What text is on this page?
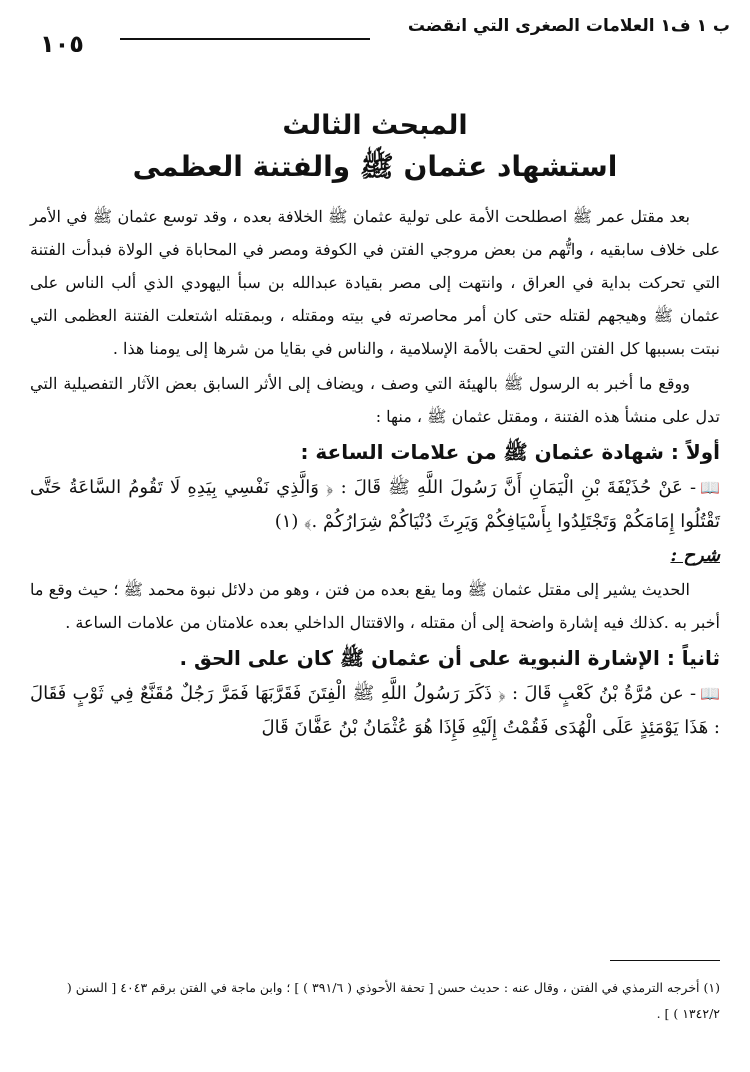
ب ١ ف١ العلامات الصغرى التي انقضت
١٠٥
المبحث الثالث
استشهاد عثمان ﷺ والفتنة العظمى

بعد مقتل عمر ﷺ اصطلحت الأمة على تولية عثمان ﷺ الخلافة بعده ، وقد توسع عثمان ﷺ في الأمر على خلاف سابقيه ، واتُّهم من بعض مروجي الفتن في الكوفة ومصر في المحاباة في الولاة فبدأت الفتنة التي تحركت بداية في العراق ، وانتهت إلى مصر بقيادة عبدالله بن سبأ اليهودي الذي ألب الناس على عثمان ﷺ وهيجهم لقتله حتى كان أمر محاصرته في بيته ومقتله ، وبمقتله اشتعلت الفتنة العظمى التي نبتت بسببها كل الفتن التي لحقت بالأمة الإسلامية ، والناس في بقايا من شرها إلى يومنا هذا .

ووقع ما أخبر به الرسول ﷺ بالهيئة التي وصف ، ويضاف إلى الأثر السابق بعض الآثار التفصيلية التي تدل على منشأ هذه الفتنة ، ومقتل عثمان ﷺ ، منها :

أولاً : شهادة عثمان ﷺ من علامات الساعة :

📖- عَنْ حُذَيْفَةَ بْنِ الْيَمَانِ أَنَّ رَسُولَ اللَّهِ ﷺ قَالَ : ﴿ وَالَّذِي نَفْسِي بِيَدِهِ لَا تَقُومُ السَّاعَةُ حَتَّى تَقْتُلُوا إِمَامَكُمْ وَتَجْتَلِدُوا بِأَسْيَافِكُمْ وَيَرِثَ دُنْيَاكُمْ شِرَارُكُمْ .﴾ (١)

شرح :

الحديث يشير إلى مقتل عثمان ﷺ وما يقع بعده من فتن ، وهو من دلائل نبوة محمد ﷺ ؛ حيث وقع ما أخبر به .كذلك فيه إشارة واضحة إلى أن مقتله ، والاقتتال الداخلي بعده علامتان من علامات الساعة .

ثانياً : الإشارة النبوية على أن عثمان ﷺ كان على الحق .

📖- عن مُرَّةُ بْنُ كَعْبٍ قَالَ : ﴿ ذَكَرَ رَسُولُ اللَّهِ ﷺ الْفِتَنَ فَقَرَّبَهَا فَمَرَّ رَجُلٌ مُقَنَّعٌ فِي ثَوْبٍ فَقَالَ : هَذَا يَوْمَئِذٍ عَلَى الْهُدَى فَقُمْتُ إِلَيْهِ فَإِذَا هُوَ عُثْمَانُ بْنُ عَفَّانَ قَالَ

(١) أخرجه الترمذي في الفتن ، وقال عنه : حديث حسن [ تحفة الأحوذي ( ٣٩١/٦ ) ] ؛ وابن ماجة في الفتن برقم ٤٠٤٣ [ السنن ( ١٣٤٢/٢ ) ] .
